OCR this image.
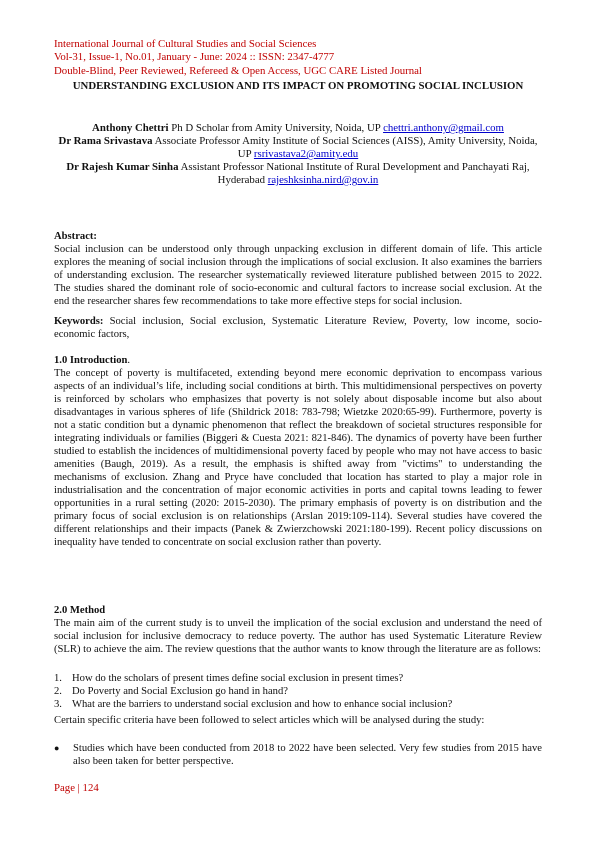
International Journal of Cultural Studies and Social Sciences
Vol-31, Issue-1, No.01, January - June: 2024 :: ISSN: 2347-4777
Double-Blind, Peer Reviewed, Refereed & Open Access, UGC CARE Listed Journal
UNDERSTANDING EXCLUSION AND ITS IMPACT ON PROMOTING SOCIAL INCLUSION
Anthony Chettri Ph D Scholar from Amity University, Noida, UP chettri.anthony@gmail.com
Dr Rama Srivastava Associate Professor Amity Institute of Social Sciences (AISS), Amity University, Noida, UP rsrivastava2@amity.edu
Dr Rajesh Kumar Sinha Assistant Professor National Institute of Rural Development and Panchayati Raj, Hyderabad rajeshksinha.nird@gov.in
Abstract:
Social inclusion can be understood only through unpacking exclusion in different domain of life. This article explores the meaning of social inclusion through the implications of social exclusion. It also examines the barriers of understanding exclusion. The researcher systematically reviewed literature published between 2015 to 2022. The studies shared the dominant role of socio-economic and cultural factors to increase social exclusion. At the end the researcher shares few recommendations to take more effective steps for social inclusion.
Keywords: Social inclusion, Social exclusion, Systematic Literature Review, Poverty, low income, socio-economic factors,
1.0 Introduction.
The concept of poverty is multifaceted, extending beyond mere economic deprivation to encompass various aspects of an individual’s life, including social conditions at birth. This multidimensional perspectives on poverty is reinforced by scholars who emphasizes that poverty is not solely about disposable income but also about disadvantages in various spheres of life (Shildrick 2018: 783-798; Wietzke 2020:65-99). Furthermore, poverty is not a static condition but a dynamic phenomenon that reflect the breakdown of societal structures responsible for integrating individuals or families (Biggeri & Cuesta 2021: 821-846). The dynamics of poverty have been further studied to establish the incidences of multidimensional poverty faced by people who may not have access to basic amenities (Baugh, 2019). As a result, the emphasis is shifted away from "victims" to understanding the mechanisms of exclusion. Zhang and Pryce have concluded that location has started to play a major role in industrialisation and the concentration of major economic activities in ports and capital towns leading to fewer opportunities in a rural setting (2020: 2015-2030). The primary emphasis of poverty is on distribution and the primary focus of social exclusion is on relationships (Arslan 2019:109-114). Several studies have covered the different relationships and their impacts (Panek & Zwierzchowski 2021:180-199). Recent policy discussions on inequality have tended to concentrate on social exclusion rather than poverty.
2.0 Method
The main aim of the current study is to unveil the implication of the social exclusion and understand the need of social inclusion for inclusive democracy to reduce poverty. The author has used Systematic Literature Review (SLR) to achieve the aim. The review questions that the author wants to know through the literature are as follows:
1. How do the scholars of present times define social exclusion in present times?
2. Do Poverty and Social Exclusion go hand in hand?
3. What are the barriers to understand social exclusion and how to enhance social inclusion?
Certain specific criteria have been followed to select articles which will be analysed during the study:
● Studies which have been conducted from 2018 to 2022 have been selected. Very few studies from 2015 have also been taken for better perspective.
Page | 124
